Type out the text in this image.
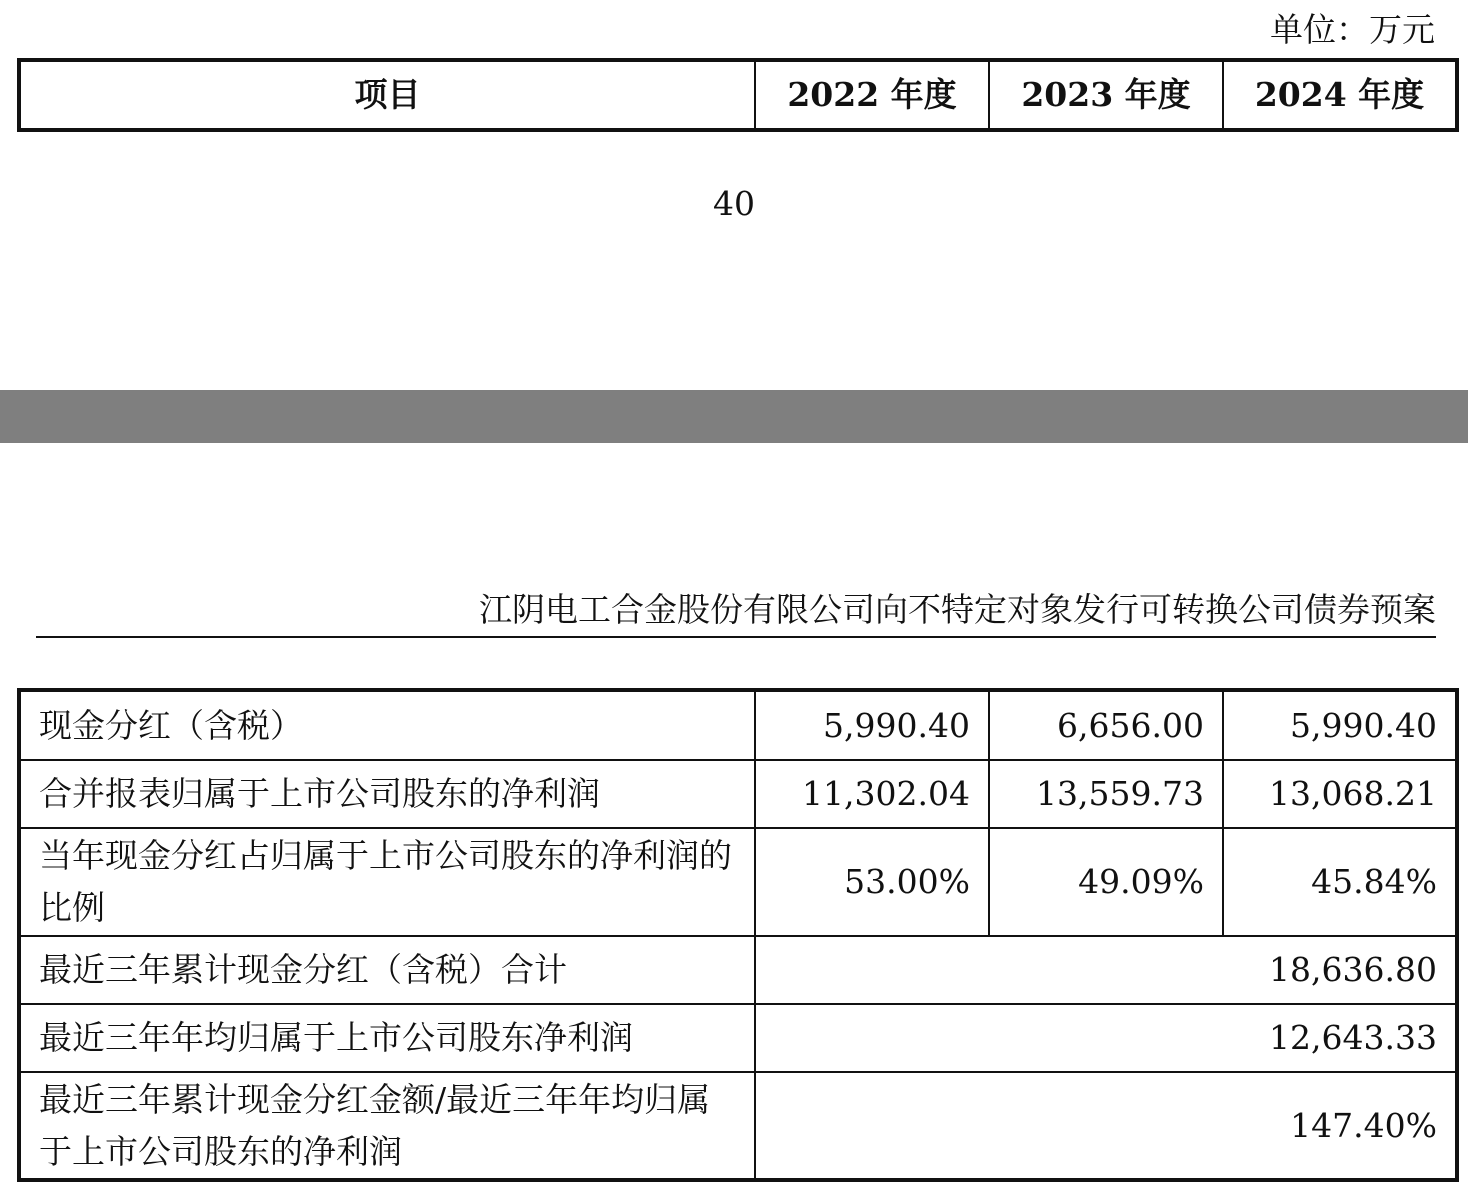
单位：万元
项目	2022 年度	2023 年度	2024 年度
40
江阴电工合金股份有限公司向不特定对象发行可转换公司债券预案
现金分红（含税）	5,990.40	6,656.00	5,990.40
合并报表归属于上市公司股东的净利润	11,302.04	13,559.73	13,068.21
当年现金分红占归属于上市公司股东的净利润的比例	53.00%	49.09%	45.84%
最近三年累计现金分红（含税）合计	18,636.80		
最近三年年均归属于上市公司股东净利润	12,643.33		
最近三年累计现金分红金额/最近三年年均归属于上市公司股东的净利润	147.40%		
